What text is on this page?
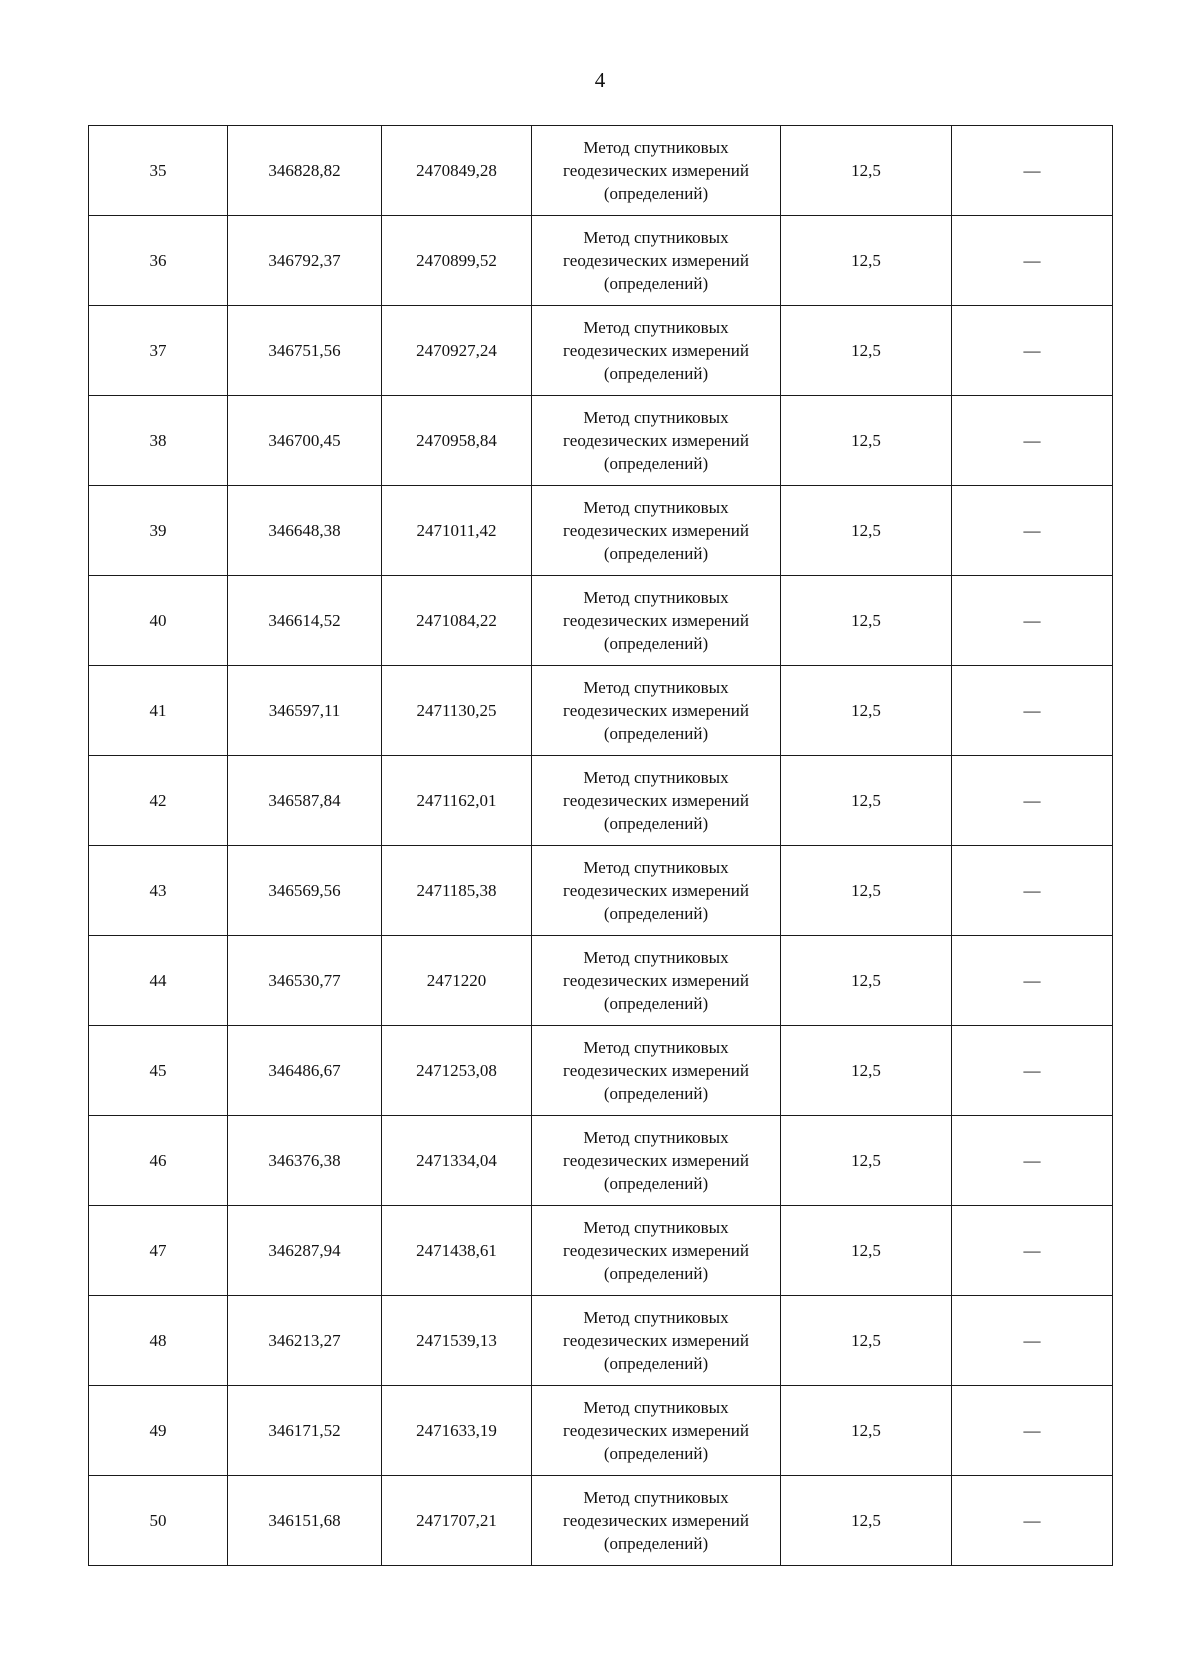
4
35	346828,82	2470849,28	Метод спутниковых
геодезических измерений
(определений)	12,5	—
36	346792,37	2470899,52	Метод спутниковых
геодезических измерений
(определений)	12,5	—
37	346751,56	2470927,24	Метод спутниковых
геодезических измерений
(определений)	12,5	—
38	346700,45	2470958,84	Метод спутниковых
геодезических измерений
(определений)	12,5	—
39	346648,38	2471011,42	Метод спутниковых
геодезических измерений
(определений)	12,5	—
40	346614,52	2471084,22	Метод спутниковых
геодезических измерений
(определений)	12,5	—
41	346597,11	2471130,25	Метод спутниковых
геодезических измерений
(определений)	12,5	—
42	346587,84	2471162,01	Метод спутниковых
геодезических измерений
(определений)	12,5	—
43	346569,56	2471185,38	Метод спутниковых
геодезических измерений
(определений)	12,5	—
44	346530,77	2471220	Метод спутниковых
геодезических измерений
(определений)	12,5	—
45	346486,67	2471253,08	Метод спутниковых
геодезических измерений
(определений)	12,5	—
46	346376,38	2471334,04	Метод спутниковых
геодезических измерений
(определений)	12,5	—
47	346287,94	2471438,61	Метод спутниковых
геодезических измерений
(определений)	12,5	—
48	346213,27	2471539,13	Метод спутниковых
геодезических измерений
(определений)	12,5	—
49	346171,52	2471633,19	Метод спутниковых
геодезических измерений
(определений)	12,5	—
50	346151,68	2471707,21	Метод спутниковых
геодезических измерений
(определений)	12,5	—
